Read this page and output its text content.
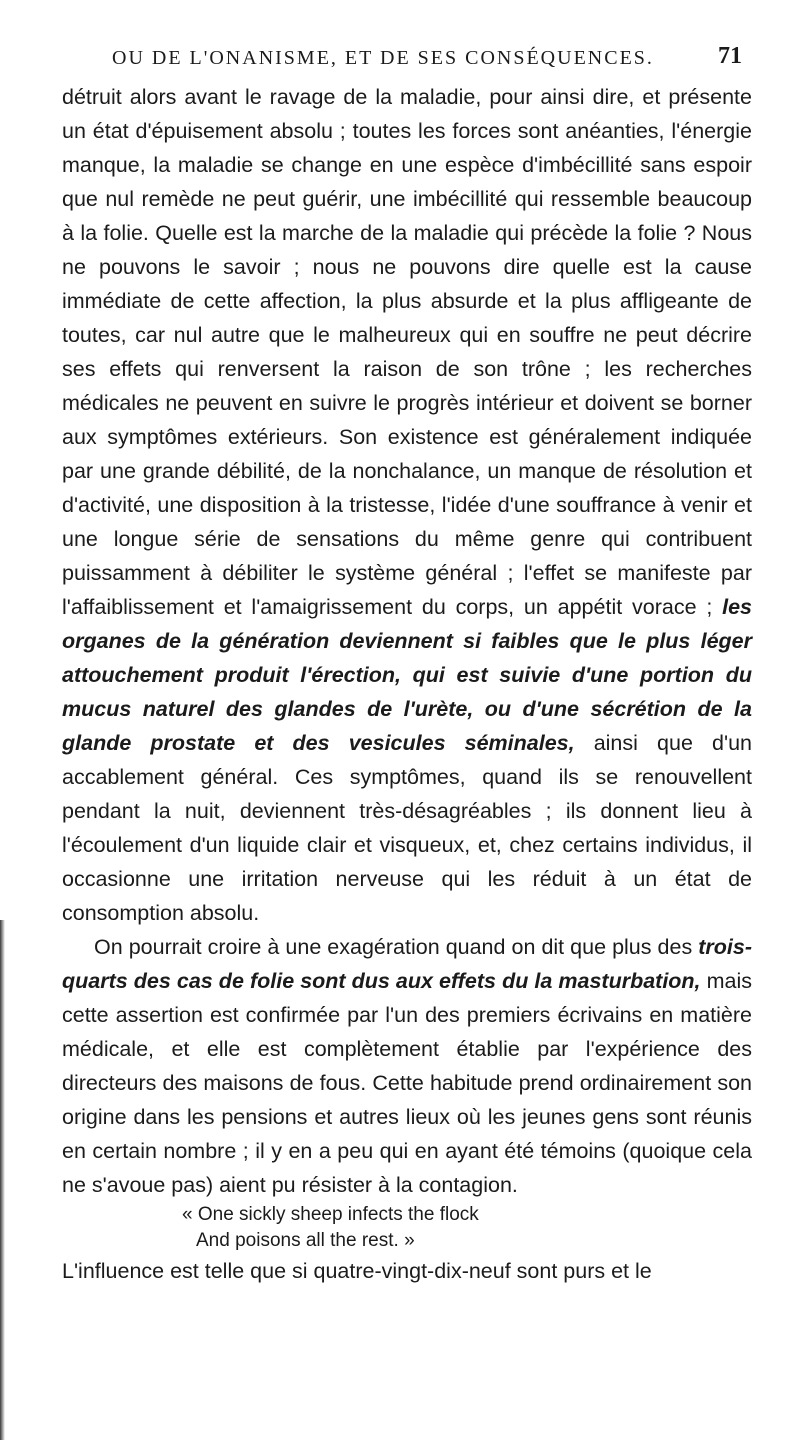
OU DE L'ONANISME, ET DE SES CONSÉQUENCES.	71

détruit alors avant le ravage de la maladie, pour ainsi dire, et présente un état d'épuisement absolu ; toutes les forces sont anéanties, l'énergie manque, la maladie se change en une espèce d'imbécillité sans espoir que nul remède ne peut guérir, une imbécillité qui ressemble beaucoup à la folie. Quelle est la marche de la maladie qui précède la folie ? Nous ne pouvons le savoir ; nous ne pouvons dire quelle est la cause immédiate de cette affection, la plus absurde et la plus affligeante de toutes, car nul autre que le malheureux qui en souffre ne peut décrire ses effets qui renversent la raison de son trône ; les recherches médicales ne peuvent en suivre le progrès intérieur et doivent se borner aux symptômes extérieurs. Son existence est généralement indiquée par une grande débilité, de la nonchalance, un manque de résolution et d'activité, une disposition à la tristesse, l'idée d'une souffrance à venir et une longue série de sensations du même genre qui contribuent puissamment à débiliter le système général ; l'effet se manifeste par l'affaiblissement et l'amaigrissement du corps, un appétit vorace ; les organes de la génération deviennent si faibles que le plus léger attouchement produit l'érection, qui est suivie d'une portion du mucus naturel des glandes de l'urète, ou d'une sécrétion de la glande prostate et des vesicules séminales, ainsi que d'un accablement général. Ces symptômes, quand ils se renouvellent pendant la nuit, deviennent très-désagréables ; ils donnent lieu à l'écoulement d'un liquide clair et visqueux, et, chez certains individus, il occasionne une irritation nerveuse qui les réduit à un état de consomption absolu.

On pourrait croire à une exagération quand on dit que plus des trois-quarts des cas de folie sont dus aux effets du la masturbation, mais cette assertion est confirmée par l'un des premiers écrivains en matière médicale, et elle est complètement établie par l'expérience des directeurs des maisons de fous. Cette habitude prend ordinairement son origine dans les pensions et autres lieux où les jeunes gens sont réunis en certain nombre ; il y en a peu qui en ayant été témoins (quoique cela ne s'avoue pas) aient pu résister à la contagion.

« One sickly sheep infects the flock
And poisons all the rest. »

L'influence est telle que si quatre-vingt-dix-neuf sont purs et le
